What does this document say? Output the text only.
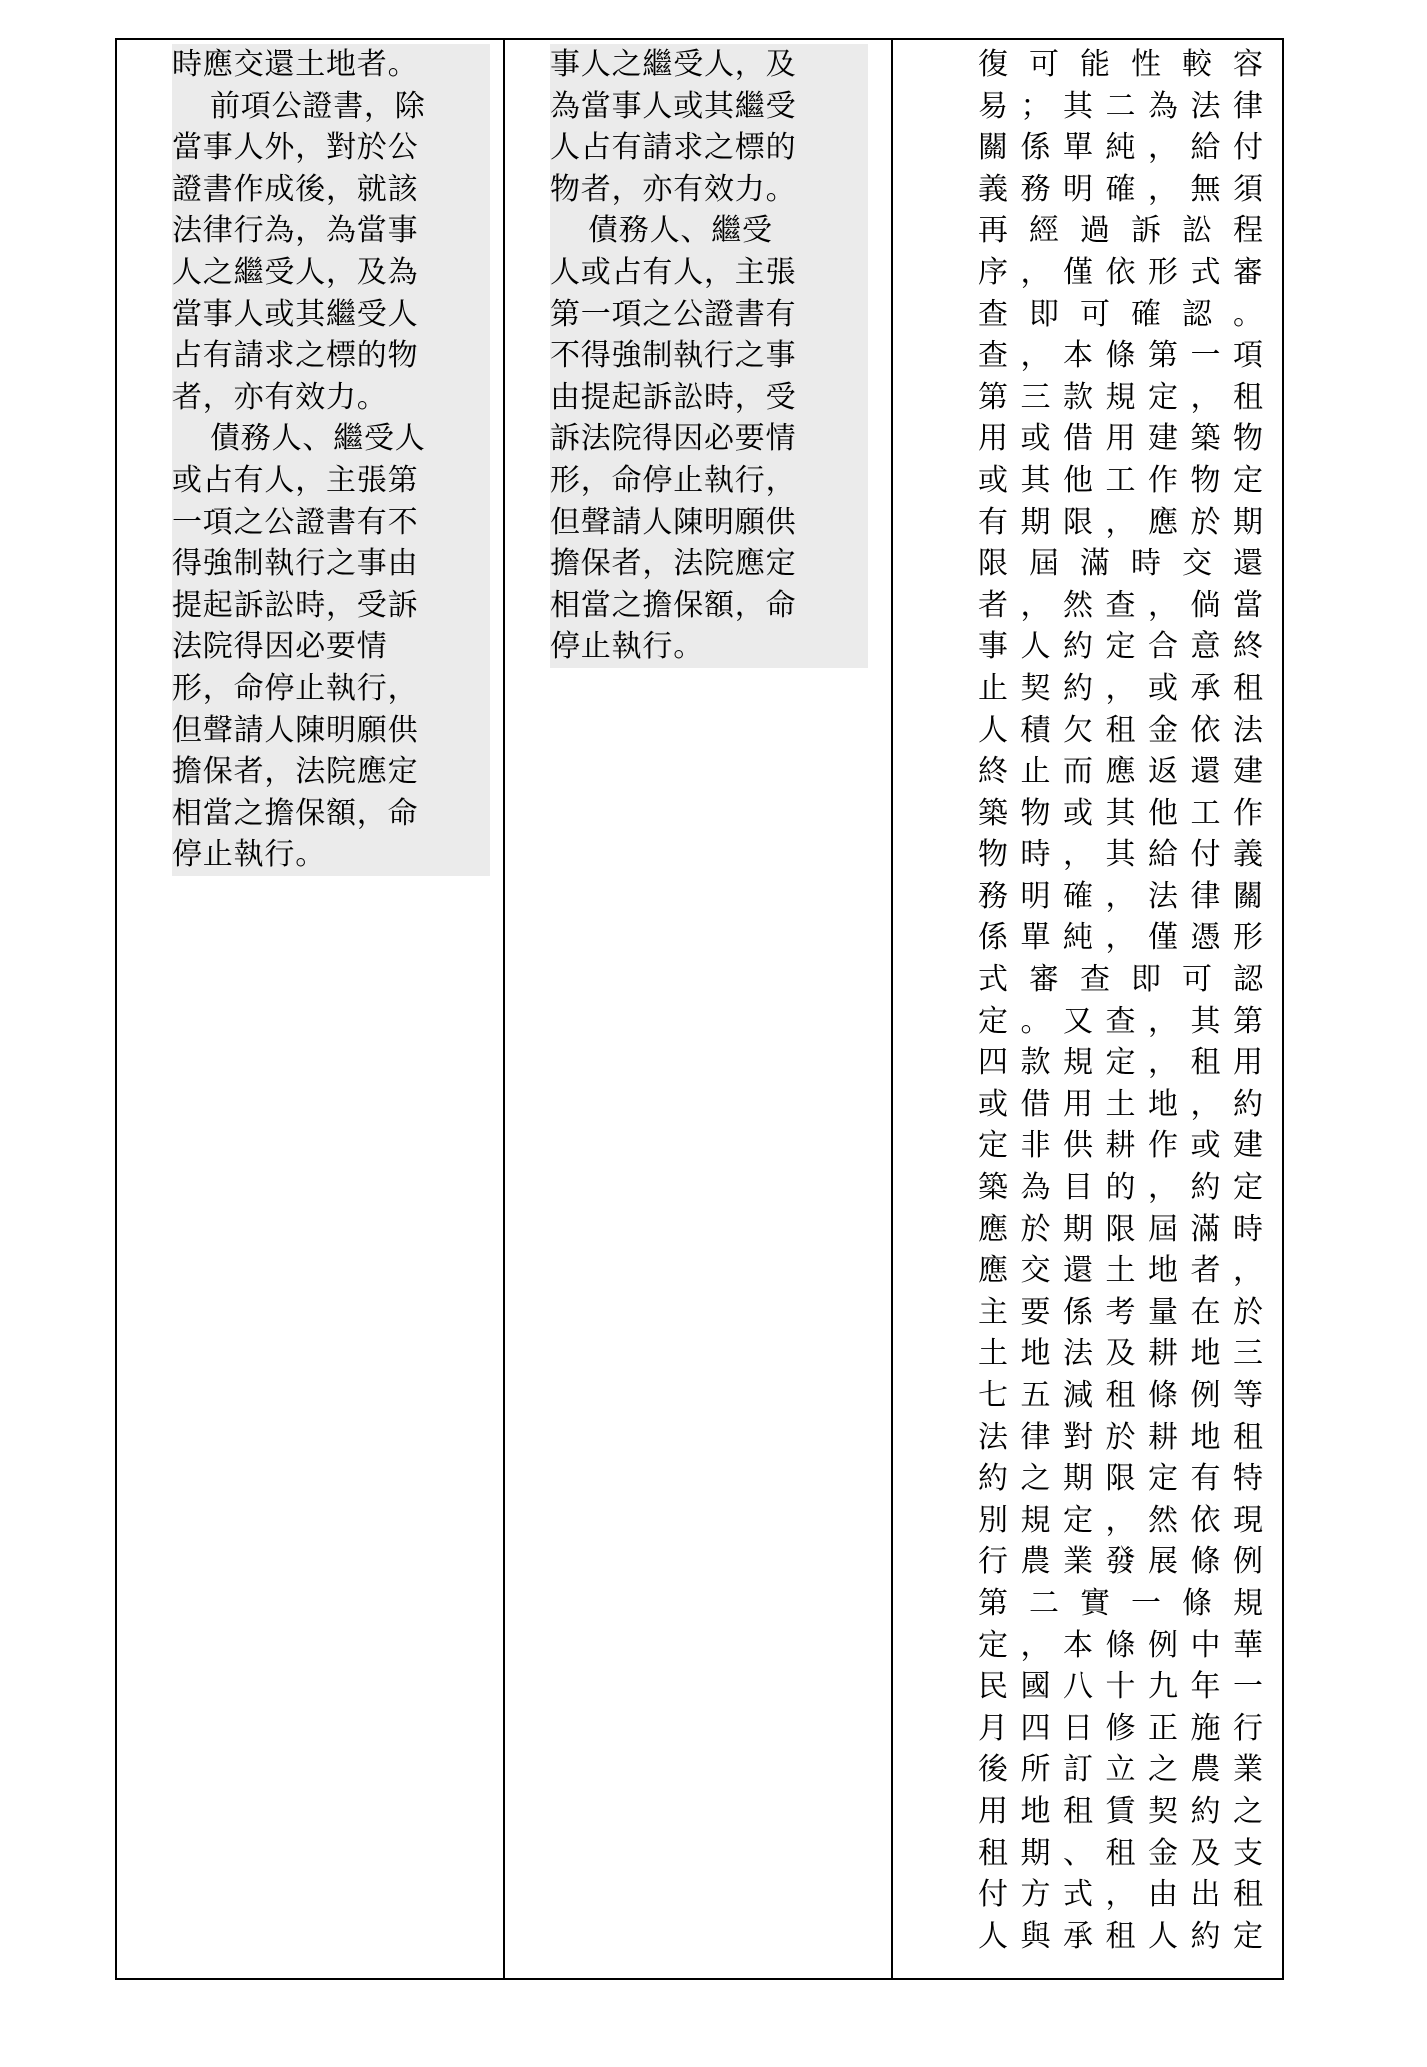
時應交還土地者。
前項公證書，除
當事人外，對於公
證書作成後，就該
法律行為，為當事
人之繼受人，及為
當事人或其繼受人
占有請求之標的物
者，亦有效力。
債務人、繼受人
或占有人，主張第
一項之公證書有不
得強制執行之事由
提起訴訟時，受訴
法院得因必要情
形，命停止執行，
但聲請人陳明願供
擔保者，法院應定
相當之擔保額，命
停止執行。

事人之繼受人，及
為當事人或其繼受
人占有請求之標的
物者，亦有效力。
債務人、繼受
人或占有人，主張
第一項之公證書有
不得強制執行之事
由提起訴訟時，受
訴法院得因必要情
形，命停止執行，
但聲請人陳明願供
擔保者，法院應定
相當之擔保額，命
停止執行。

復可能性較容
易；其二為法律
關係單純，給付
義務明確，無須
再經過訴訟程
序，僅依形式審
查即可確認。
查，本條第一項
第三款規定，租
用或借用建築物
或其他工作物定
有期限，應於期
限屆滿時交還
者，然查，倘當
事人約定合意終
止契約，或承租
人積欠租金依法
終止而應返還建
築物或其他工作
物時，其給付義
務明確，法律關
係單純，僅憑形
式審查即可認
定。又查，其第
四款規定，租用
或借用土地，約
定非供耕作或建
築為目的，約定
應於期限屆滿時
應交還土地者，
主要係考量在於
土地法及耕地三
七五減租條例等
法律對於耕地租
約之期限定有特
別規定，然依現
行農業發展條例
第二實一條規
定，本條例中華
民國八十九年一
月四日修正施行
後所訂立之農業
用地租賃契約之
租期、租金及支
付方式，由出租
人與承租人約定
